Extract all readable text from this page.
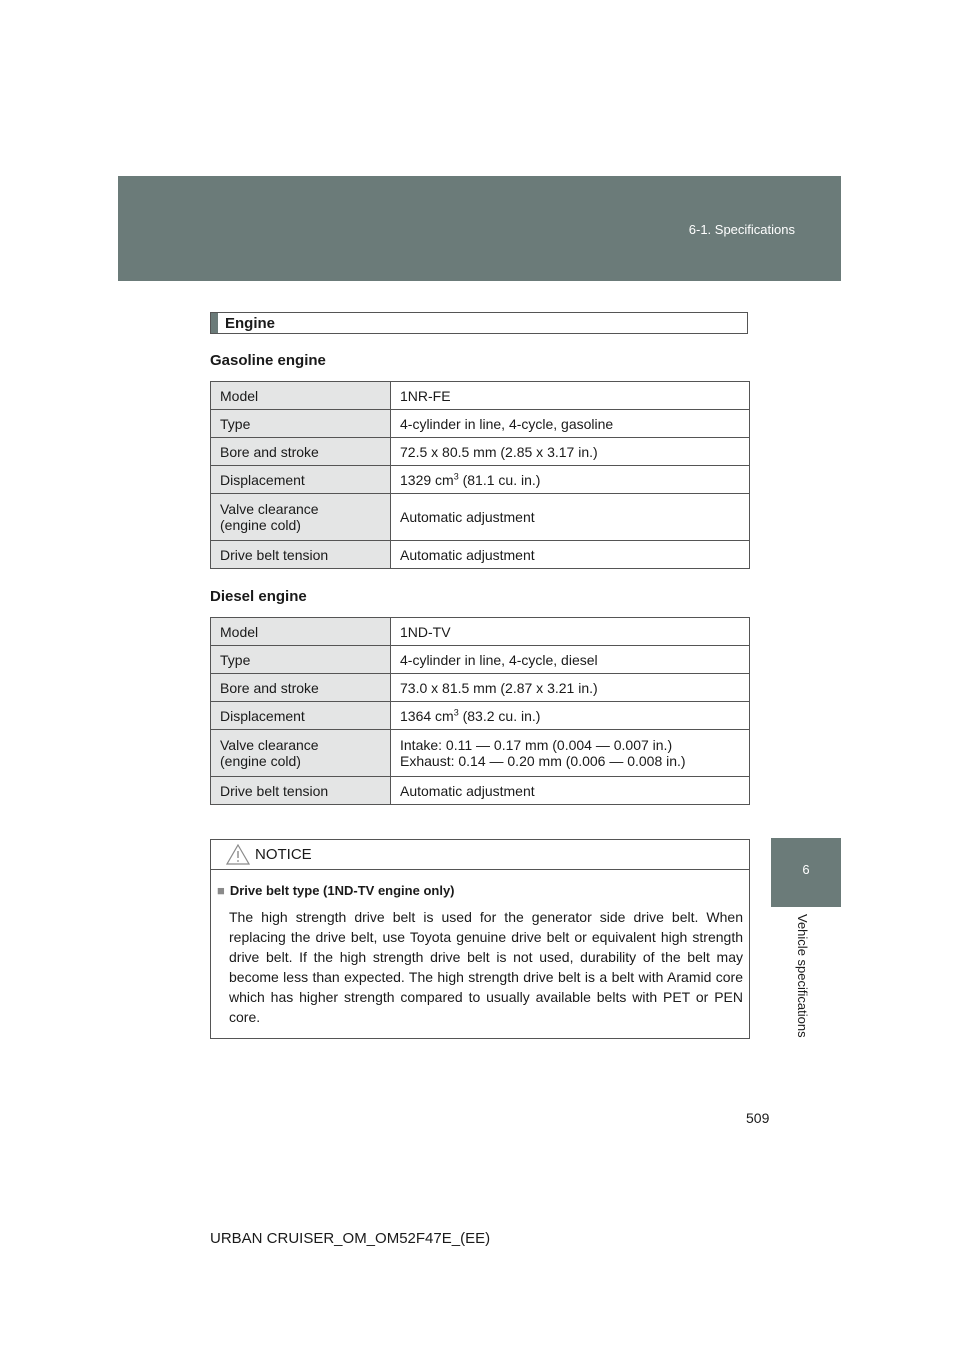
6-1. Specifications
6
Vehicle specifications
Engine
Gasoline engine
Model	1NR-FE
Type	4-cylinder in line, 4-cycle, gasoline
Bore and stroke	72.5 x 80.5 mm (2.85 x 3.17 in.)
Displacement	1329 $cm^3$ (81.1 cu. in.)
Valve clearance
(engine cold)	Automatic adjustment
Drive belt tension	Automatic adjustment
Diesel engine
Model	1ND-TV
Type	4-cylinder in line, 4-cycle, diesel
Bore and stroke	73.0 x 81.5 mm (2.87 x 3.21 in.)
Displacement	1364 $cm^3$ (83.2 cu. in.)
Valve clearance
(engine cold)	Intake: 0.11 — 0.17 mm (0.004 — 0.007 in.)
Exhaust: 0.14 — 0.20 mm (0.006 — 0.008 in.)
Drive belt tension	Automatic adjustment
NOTICE
■ Drive belt type (1ND-TV engine only)
The high strength drive belt is used for the generator side drive belt. When replacing the drive belt, use Toyota genuine drive belt or equivalent high strength drive belt. If the high strength drive belt is not used, durability of the belt may become less than expected. The high strength drive belt is a belt with Aramid core which has higher strength compared to usually available belts with PET or PEN core.
509
URBAN CRUISER_OM_OM52F47E_(EE)
